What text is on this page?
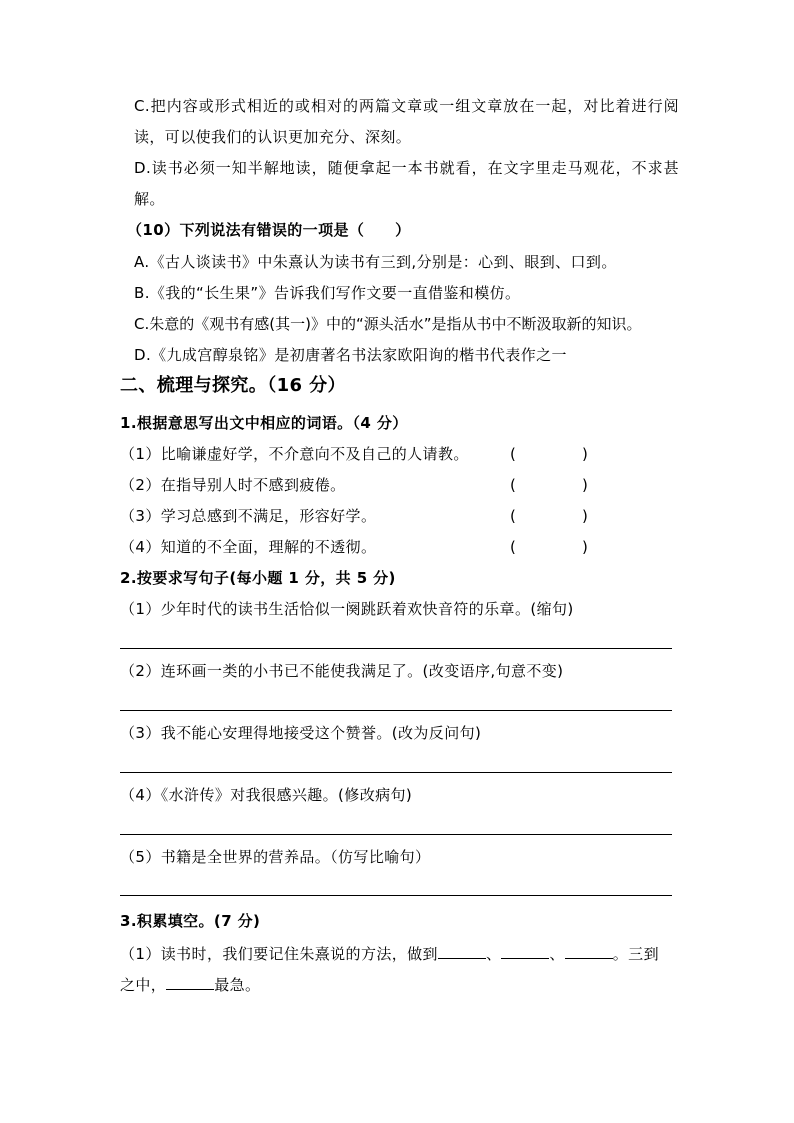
C.把内容或形式相近的或相对的两篇文章或一组文章放在一起，对比着进行阅
读，可以使我们的认识更加充分、深刻。
D.读书必须一知半解地读，随便拿起一本书就看，在文字里走马观花，不求甚
解。
（10）下列说法有错误的一项是（　　）
A.《古人谈读书》中朱熹认为读书有三到,分别是：心到、眼到、口到。
B.《我的“长生果”》告诉我们写作文要一直借鉴和模仿。
C.朱意的《观书有感(其一)》中的“源头活水”是指从书中不断汲取新的知识。
D.《九成宫醇泉铭》是初唐著名书法家欧阳询的楷书代表作之一
二、梳理与探究。（16 分）
1.根据意思写出文中相应的词语。（4 分）
（1）比喻谦虚好学，不介意向不及自己的人请教。	(	)
（2）在指导别人时不感到疲倦。	(	)
（3）学习总感到不满足，形容好学。	(	)
（4）知道的不全面，理解的不透彻。	(	)
2.按要求写句子(每小题 1 分，共 5 分)
（1）少年时代的读书生活恰似一阕跳跃着欢快音符的乐章。(缩句)
（2）连环画一类的小书已不能使我满足了。(改变语序,句意不变)
（3）我不能心安理得地接受这个赞誉。(改为反问句)
（4）《水浒传》对我很感兴趣。(修改病句)
（5）书籍是全世界的营养品。（仿写比喻句）
3.积累填空。(7 分)
（1）读书时，我们要记住朱熹说的方法，做到	、	、	。三到
之中，	最急。
